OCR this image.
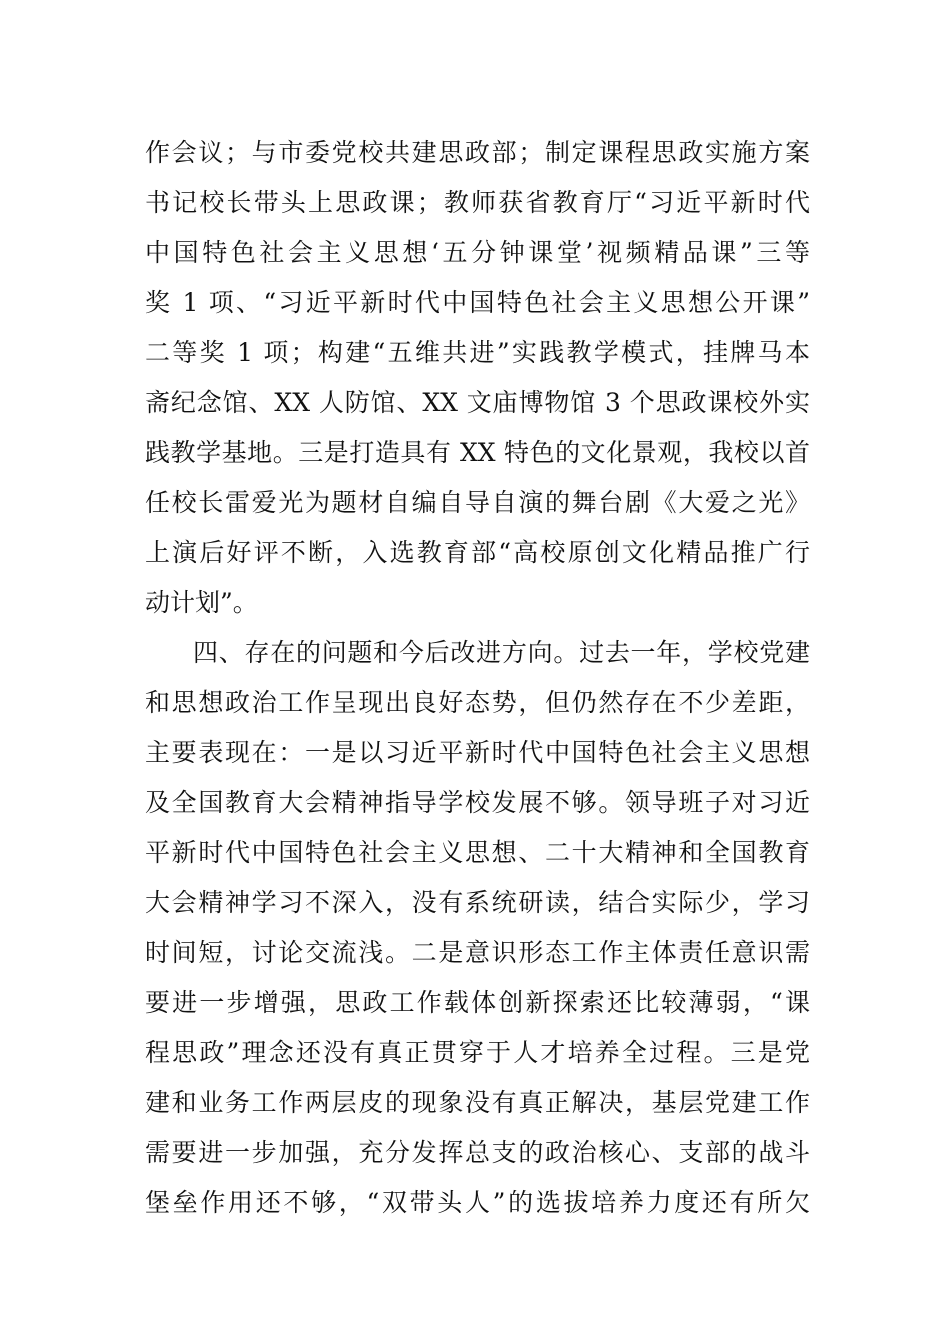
作会议；与市委党校共建思政部；制定课程思政实施方案
书记校长带头上思政课；教师获省教育厅“习近平新时代
中国特色社会主义思想‘五分钟课堂’视频精品课”三等
奖 1 项、“习近平新时代中国特色社会主义思想公开课”
二等奖 1 项；构建“五维共进”实践教学模式，挂牌马本
斋纪念馆、XX 人防馆、XX 文庙博物馆 3 个思政课校外实
践教学基地。三是打造具有 XX 特色的文化景观，我校以首
任校长雷爱光为题材自编自导自演的舞台剧《大爱之光》
上演后好评不断，入选教育部“高校原创文化精品推广行
动计划”。
四、存在的问题和今后改进方向。过去一年，学校党建
和思想政治工作呈现出良好态势，但仍然存在不少差距，
主要表现在：一是以习近平新时代中国特色社会主义思想
及全国教育大会精神指导学校发展不够。领导班子对习近
平新时代中国特色社会主义思想、二十大精神和全国教育
大会精神学习不深入，没有系统研读，结合实际少，学习
时间短，讨论交流浅。二是意识形态工作主体责任意识需
要进一步增强，思政工作载体创新探索还比较薄弱，“课
程思政”理念还没有真正贯穿于人才培养全过程。三是党
建和业务工作两层皮的现象没有真正解决，基层党建工作
需要进一步加强，充分发挥总支的政治核心、支部的战斗
堡垒作用还不够，“双带头人”的选拔培养力度还有所欠
